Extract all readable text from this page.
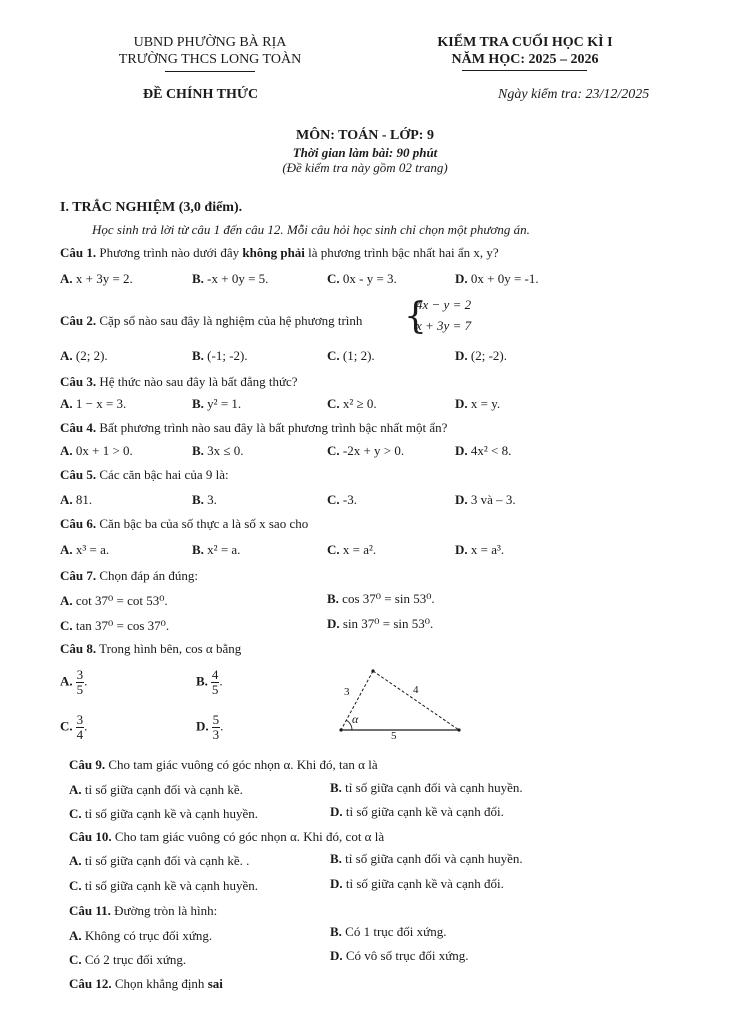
UBND PHƯỜNG BÀ RỊA
TRƯỜNG THCS LONG TOÀN
KIỂM TRA CUỐI HỌC KÌ I
NĂM HỌC: 2025 – 2026
ĐỀ CHÍNH THỨC	Ngày kiểm tra: 23/12/2025
MÔN: TOÁN - LỚP: 9
Thời gian làm bài: 90 phút
(Đề kiểm tra này gồm 02 trang)
I. TRẮC NGHIỆM (3,0 điểm).
Học sinh trả lời từ câu 1 đến câu 12. Mỗi câu hỏi học sinh chỉ chọn một phương án.
Câu 1. Phương trình nào dưới đây không phải là phương trình bậc nhất hai ẩn x, y?
A. x + 3y = 2.	B. -x + 0y = 5.	C. 0x - y = 3.	D. 0x + 0y = -1.
Câu 2. Cặp số nào sau đây là nghiệm của hệ phương trình {
4x − y = 2
x + 3y = 7
A. (2; 2).	B. (-1; -2).	C. (1; 2).	D. (2; -2).
Câu 3. Hệ thức nào sau đây là bất đẳng thức?
A. 1 − x = 3.	B. y² = 1.	C. x² ≥ 0.	D. x = y.
Câu 4. Bất phương trình nào sau đây là bất phương trình bậc nhất một ẩn?
A. 0x + 1 > 0.	B. 3x ≤ 0.	C. -2x + y > 0.	D. 4x² < 8.
Câu 5. Các căn bậc hai của 9 là:
A. 81.	B. 3.	C. -3.	D. 3 và – 3.
Câu 6. Căn bậc ba của số thực a là số x sao cho
A. x³ = a.	B. x² = a.	C. x = a².	D. x = a³.
Câu 7. Chọn đáp án đúng:
A. cot 37⁰ = cot 53⁰.	B. cos 37⁰ = sin 53⁰.
C. tan 37⁰ = cos 37⁰.	D. sin 37⁰ = sin 53⁰.
Câu 8. Trong hình bên, cos α bằng
A. $\frac{3}{5}$ .	B. $\frac{4}{5}$ .
C. $\frac{3}{4}$ .	D. $\frac{5}{3}$ .
3	4
5
α
Câu 9. Cho tam giác vuông có góc nhọn α. Khi đó, tan α là
A. tỉ số giữa cạnh đối và cạnh kề.	B. tỉ số giữa cạnh đối và cạnh huyền.
C. tỉ số giữa cạnh kề và cạnh huyền.	D. tỉ số giữa cạnh kề và cạnh đối.
Câu 10. Cho tam giác vuông có góc nhọn α. Khi đó, cot α là
A. tỉ số giữa cạnh đối và cạnh kề. .	B. tỉ số giữa cạnh đối và cạnh huyền.
C. tỉ số giữa cạnh kề và cạnh huyền.	D. tỉ số giữa cạnh kề và cạnh đối.
Câu 11. Đường tròn là hình:
A. Không có trục đối xứng.	B. Có 1 trục đối xứng.
C. Có 2 trục đối xứng.	D. Có vô số trục đối xứng.
Câu 12. Chọn khẳng định sai
